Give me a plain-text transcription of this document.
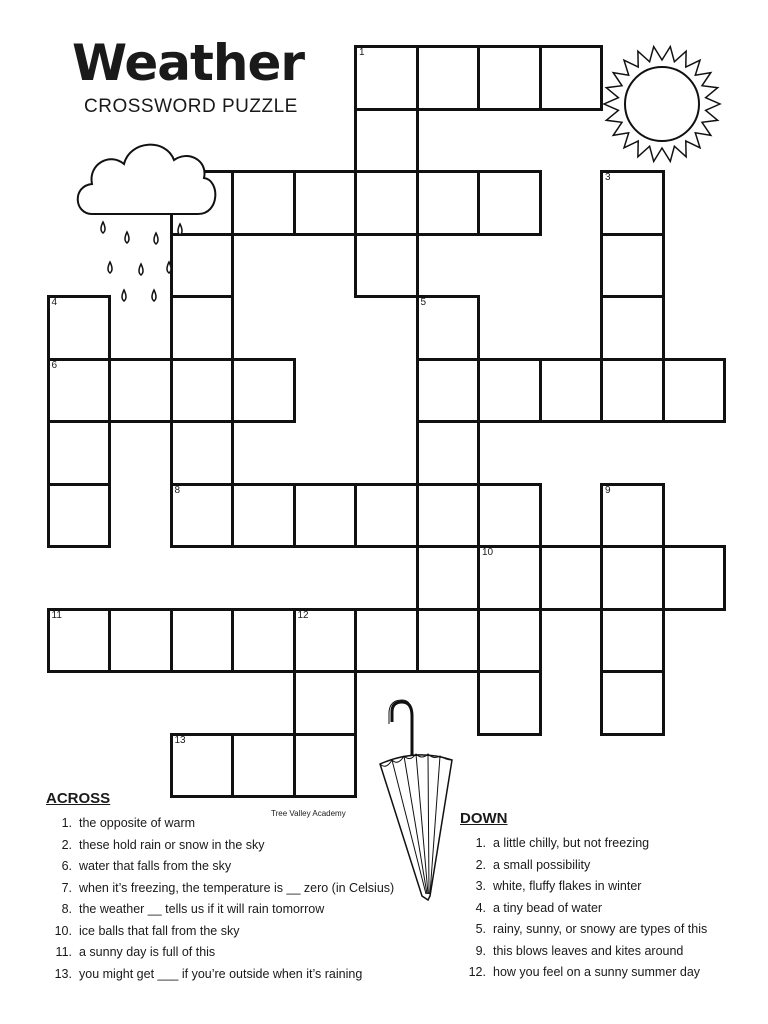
Weather
CROSSWORD PUZZLE
1
3
4	5
6
8	9
10
11	12
13
Tree Valley Academy
ACROSS
1. the opposite of warm
2. these hold rain or snow in the sky
6. water that falls from the sky
7. when it’s freezing, the temperature is __ zero (in Celsius)
8. the weather __ tells us if it will rain tomorrow
10. ice balls that fall from the sky
11. a sunny day is full of this
13. you might get ___ if you’re outside when it’s raining
DOWN
1. a little chilly, but not freezing
2. a small possibility
3. white, fluffy flakes in winter
4. a tiny bead of water
5. rainy, sunny, or snowy are types of this
9. this blows leaves and kites around
12. how you feel on a sunny summer day
